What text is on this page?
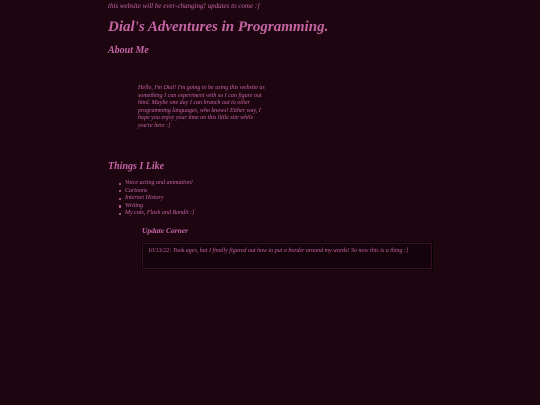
this website will be ever-changing! updates to come :]
Dial's Adventures in Programming.
About Me

Hello, I'm Dial! I'm going to be using this website as something I can experiment with so I can figure out html. Maybe one day I can branch out to other programming languages, who knows! Either way, I hope you enjoy your time on this little site while you're here :]

Things I Like
Voice acting and animation!
Cartoons
Internet History
Writing
My cats, Flash and Bandit :]
Update Corner
10/13/22: Took ages, but I finally figured out how to put a border around my words! So now this is a thing :]
